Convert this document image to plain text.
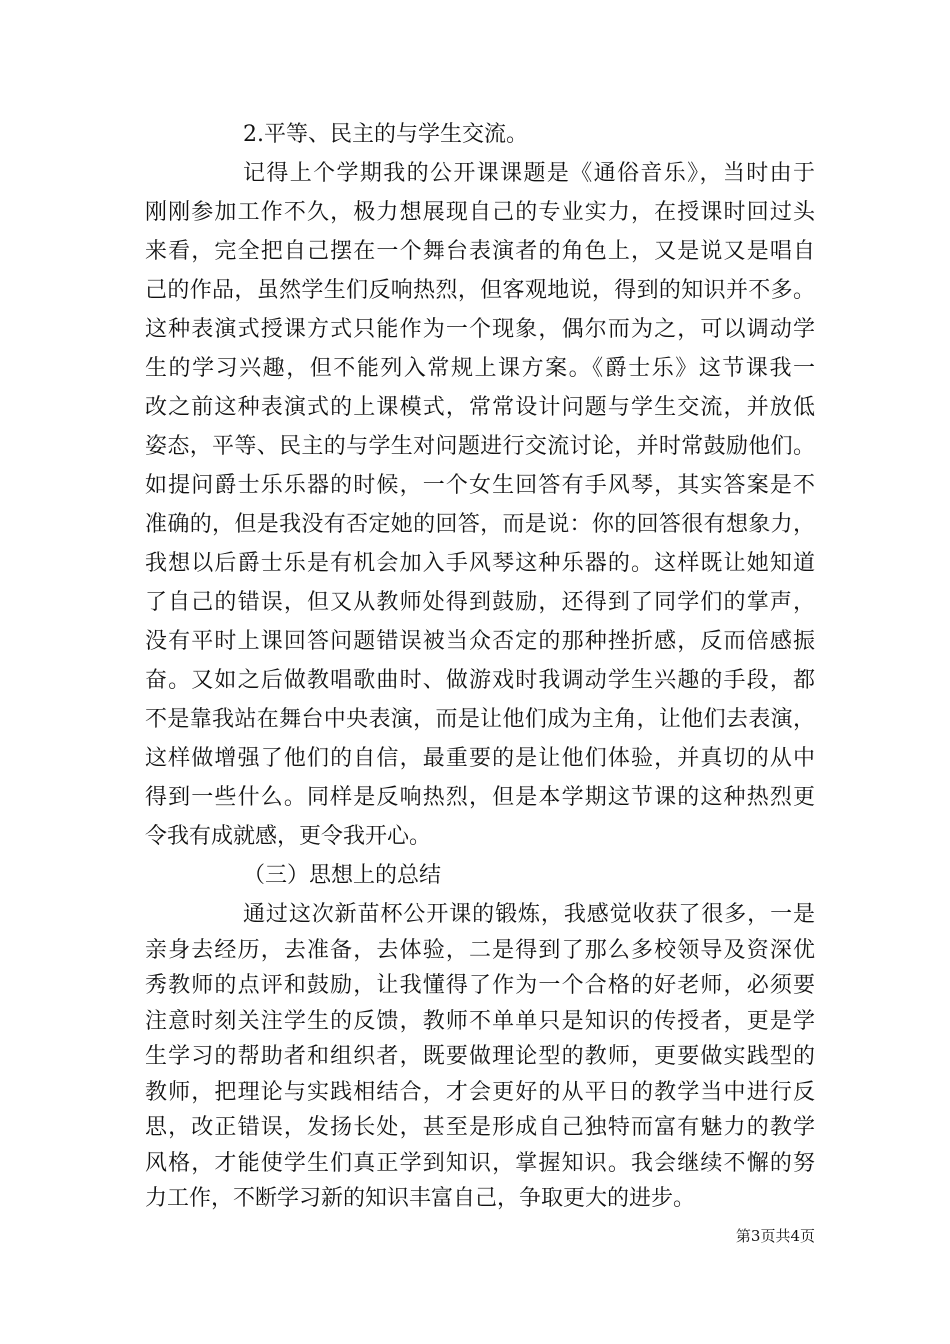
2.平等、民主的与学生交流。
记得上个学期我的公开课课题是《通俗音乐》，当时由于
刚刚参加工作不久，极力想展现自己的专业实力，在授课时回过头
来看，完全把自己摆在一个舞台表演者的角色上，又是说又是唱自
己的作品，虽然学生们反响热烈，但客观地说，得到的知识并不多。
这种表演式授课方式只能作为一个现象，偶尔而为之，可以调动学
生的学习兴趣，但不能列入常规上课方案。《爵士乐》这节课我一
改之前这种表演式的上课模式，常常设计问题与学生交流，并放低
姿态，平等、民主的与学生对问题进行交流讨论，并时常鼓励他们。
如提问爵士乐乐器的时候，一个女生回答有手风琴，其实答案是不
准确的，但是我没有否定她的回答，而是说：你的回答很有想象力，
我想以后爵士乐是有机会加入手风琴这种乐器的。这样既让她知道
了自己的错误，但又从教师处得到鼓励，还得到了同学们的掌声，
没有平时上课回答问题错误被当众否定的那种挫折感，反而倍感振
奋。又如之后做教唱歌曲时、做游戏时我调动学生兴趣的手段，都
不是靠我站在舞台中央表演，而是让他们成为主角，让他们去表演，
这样做增强了他们的自信，最重要的是让他们体验，并真切的从中
得到一些什么。同样是反响热烈，但是本学期这节课的这种热烈更
令我有成就感，更令我开心。
（三）思想上的总结
通过这次新苗杯公开课的锻炼，我感觉收获了很多，一是
亲身去经历，去准备，去体验，二是得到了那么多校领导及资深优
秀教师的点评和鼓励，让我懂得了作为一个合格的好老师，必须要
注意时刻关注学生的反馈，教师不单单只是知识的传授者，更是学
生学习的帮助者和组织者，既要做理论型的教师，更要做实践型的
教师，把理论与实践相结合，才会更好的从平日的教学当中进行反
思，改正错误，发扬长处，甚至是形成自己独特而富有魅力的教学
风格，才能使学生们真正学到知识，掌握知识。我会继续不懈的努
力工作，不断学习新的知识丰富自己，争取更大的进步。
第3页共4页
